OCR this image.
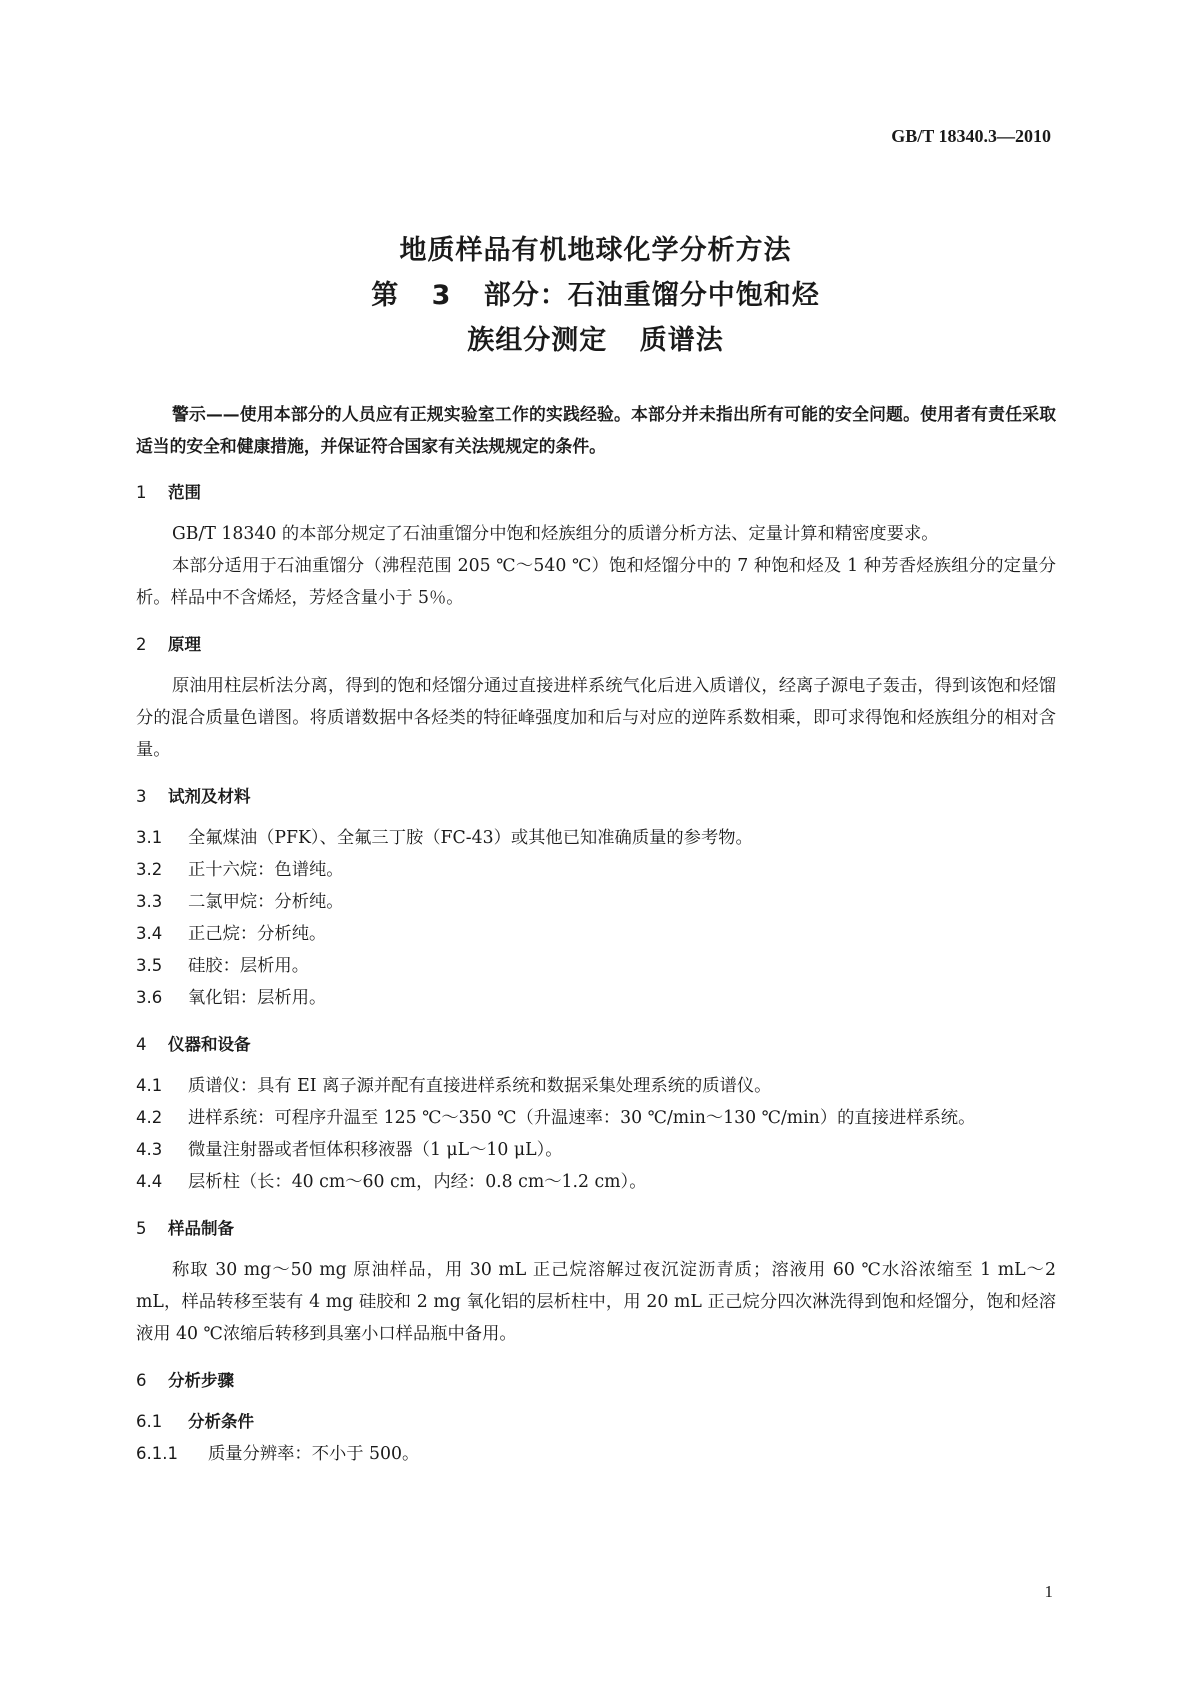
GB/T 18340.3—2010
地质样品有机地球化学分析方法
第 3 部分：石油重馏分中饱和烃
族组分测定 质谱法

警示——使用本部分的人员应有正规实验室工作的实践经验。本部分并未指出所有可能的安全问题。使用者有责任采取适当的安全和健康措施，并保证符合国家有关法规规定的条件。

1 范围

GB/T 18340 的本部分规定了石油重馏分中饱和烃族组分的质谱分析方法、定量计算和精密度要求。

本部分适用于石油重馏分（沸程范围 205 ℃～540 ℃）饱和烃馏分中的 7 种饱和烃及 1 种芳香烃族组分的定量分析。样品中不含烯烃，芳烃含量小于 5％。

2 原理

原油用柱层析法分离，得到的饱和烃馏分通过直接进样系统气化后进入质谱仪，经离子源电子轰击，得到该饱和烃馏分的混合质量色谱图。将质谱数据中各烃类的特征峰强度加和后与对应的逆阵系数相乘，即可求得饱和烃族组分的相对含量。

3 试剂及材料

3.1 全氟煤油（PFK）、全氟三丁胺（FC-43）或其他已知准确质量的参考物。

3.2 正十六烷：色谱纯。

3.3 二氯甲烷：分析纯。

3.4 正己烷：分析纯。

3.5 硅胶：层析用。

3.6 氧化铝：层析用。

4 仪器和设备

4.1 质谱仪：具有 EI 离子源并配有直接进样系统和数据采集处理系统的质谱仪。

4.2 进样系统：可程序升温至 125 ℃～350 ℃（升温速率：30 ℃/min～130 ℃/min）的直接进样系统。

4.3 微量注射器或者恒体积移液器（1 μL～10 μL）。

4.4 层析柱（长：40 cm～60 cm，内经：0.8 cm～1.2 cm）。

5 样品制备

称取 30 mg～50 mg 原油样品，用 30 mL 正己烷溶解过夜沉淀沥青质；溶液用 60 ℃水浴浓缩至 1 mL～2 mL，样品转移至装有 4 mg 硅胶和 2 mg 氧化铝的层析柱中，用 20 mL 正己烷分四次淋洗得到饱和烃馏分，饱和烃溶液用 40 ℃浓缩后转移到具塞小口样品瓶中备用。

6 分析步骤
6.1 分析条件

6.1.1 质量分辨率：不小于 500。

1
